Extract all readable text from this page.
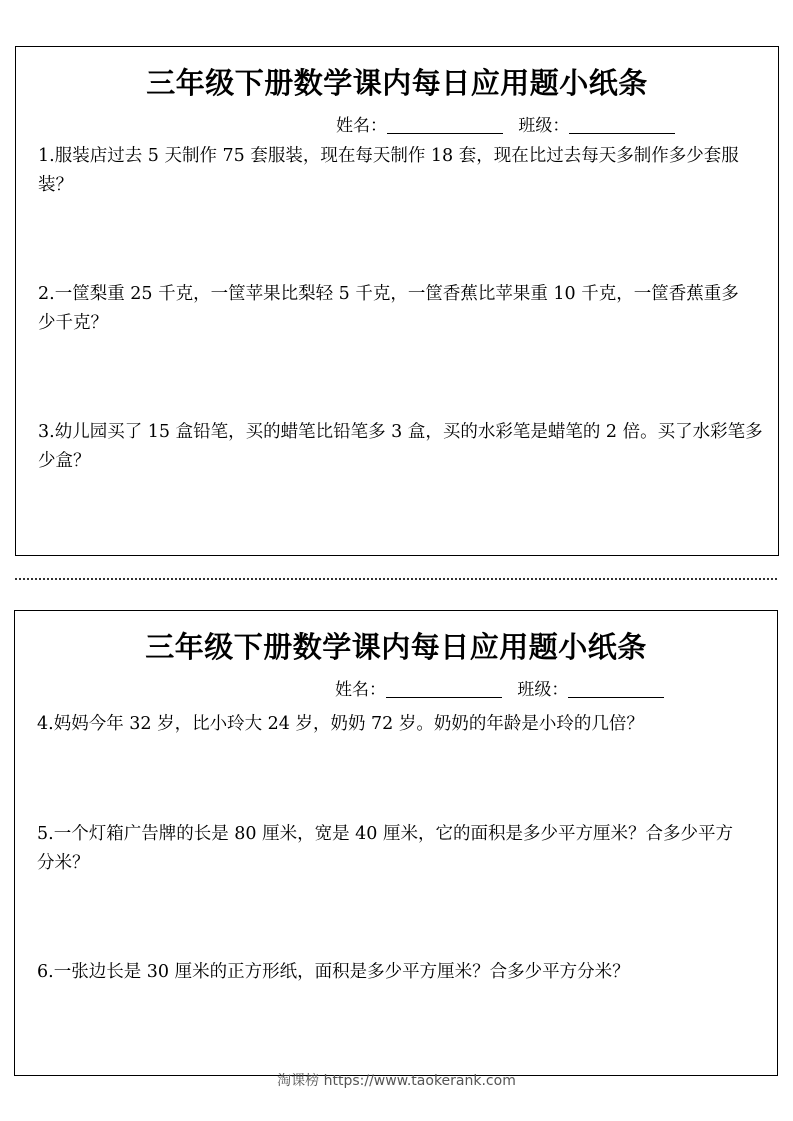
三年级下册数学课内每日应用题小纸条
姓名：	班级：

1.服装店过去 5 天制作 75 套服装，现在每天制作 18 套，现在比过去每天多制作多少套服装？

2.一筐梨重 25 千克，一筐苹果比梨轻 5 千克，一筐香蕉比苹果重 10 千克，一筐香蕉重多少千克？

3.幼儿园买了 15 盒铅笔，买的蜡笔比铅笔多 3 盒，买的水彩笔是蜡笔的 2 倍。买了水彩笔多少盒？

三年级下册数学课内每日应用题小纸条
姓名：	班级：

4.妈妈今年 32 岁，比小玲大 24 岁，奶奶 72 岁。奶奶的年龄是小玲的几倍？

5.一个灯箱广告牌的长是 80 厘米，宽是 40 厘米，它的面积是多少平方厘米？合多少平方分米？

6.一张边长是 30 厘米的正方形纸，面积是多少平方厘米？合多少平方分米？

淘课榜 https://www.taokerank.com
